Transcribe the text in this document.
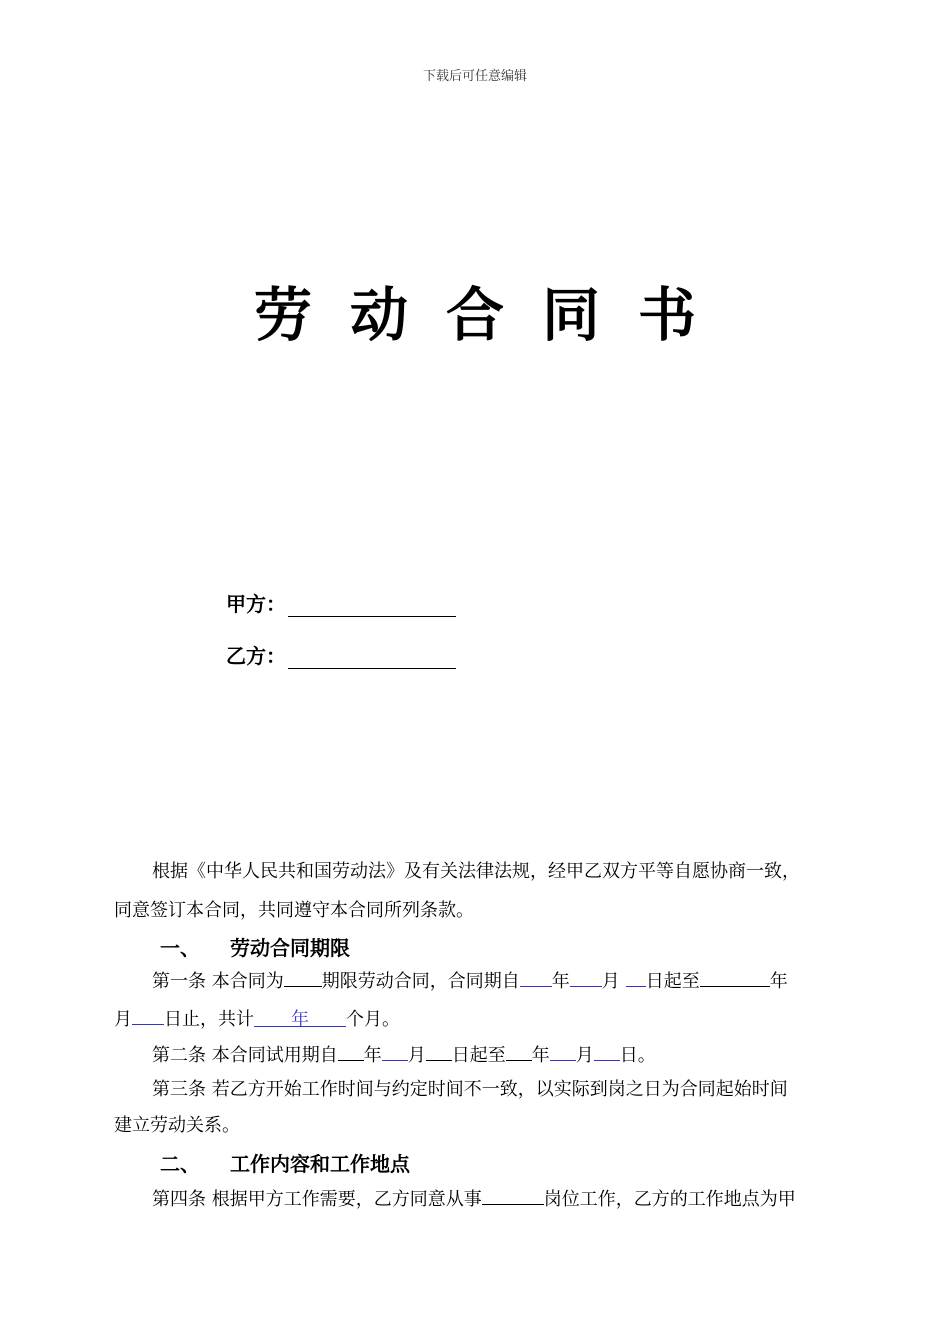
下载后可任意编辑
劳动合同书
甲方：
乙方：
根据《中华人民共和国劳动法》及有关法律法规，经甲乙双方平等自愿协商一致，
同意签订本合同，共同遵守本合同所列条款。
一、 劳动合同期限
第一条 本合同为 期限劳动合同，合同期自 年 月 日起至	年
月 日止，共计 年 个月。
第二条 本合同试用期自 年 月 日起至 年 月 日。
第三条 若乙方开始工作时间与约定时间不一致，以实际到岗之日为合同起始时间
建立劳动关系。
二、 工作内容和工作地点
第四条 根据甲方工作需要，乙方同意从事	岗位工作，乙方的工作地点为甲
